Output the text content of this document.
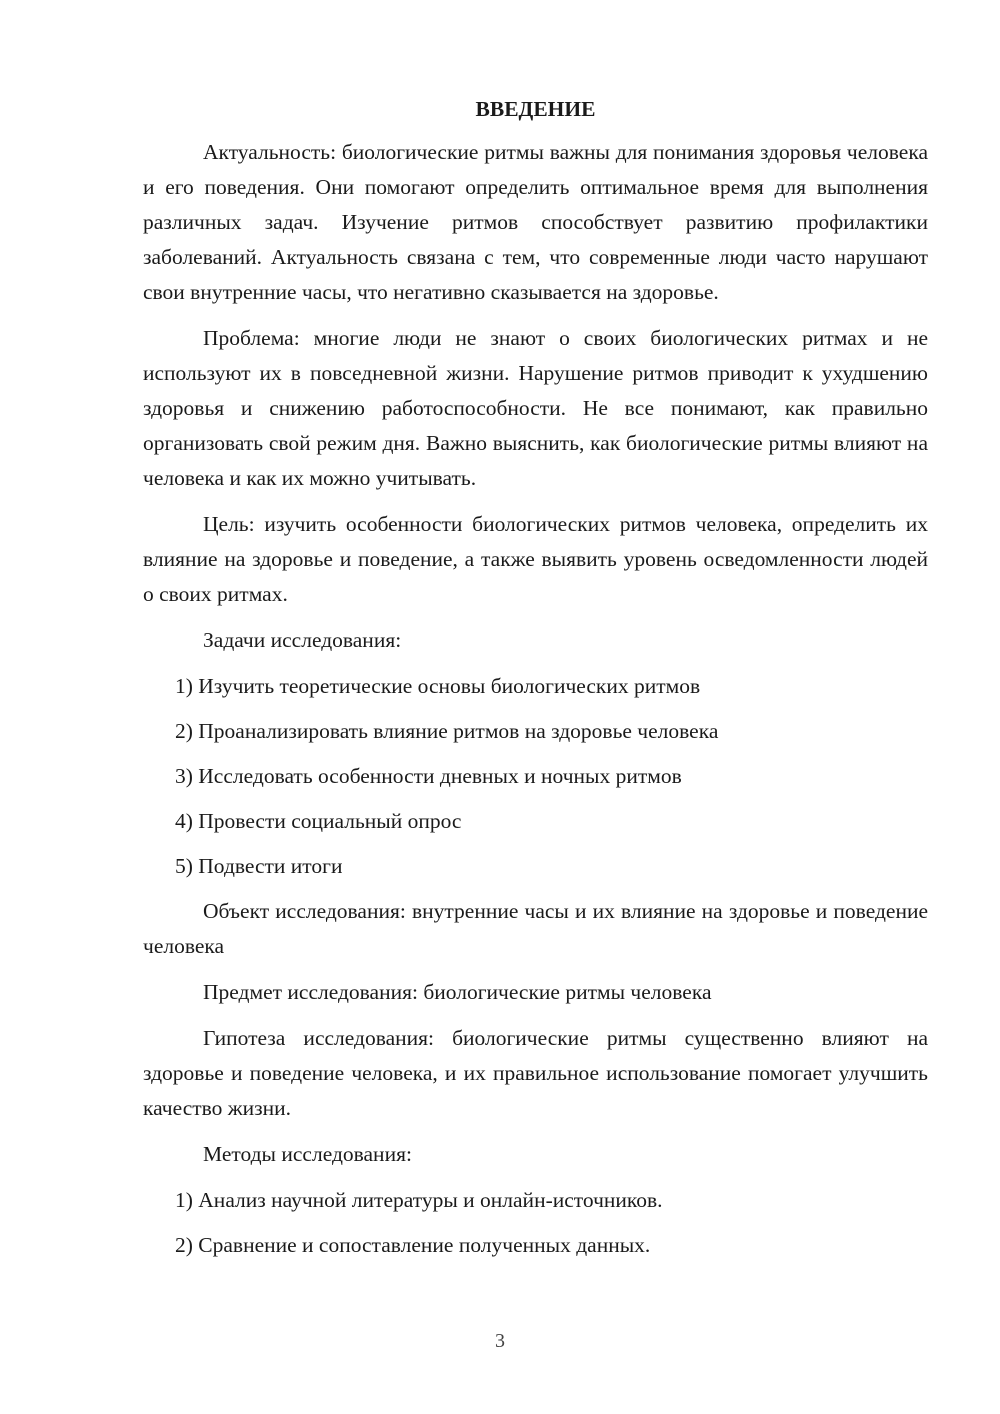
ВВЕДЕНИЕ

Актуальность: биологические ритмы важны для понимания здоровья человека и его поведения. Они помогают определить оптимальное время для выполнения различных задач. Изучение ритмов способствует развитию профилактики заболеваний. Актуальность связана с тем, что современные люди часто нарушают свои внутренние часы, что негативно сказывается на здоровье.

Проблема: многие люди не знают о своих биологических ритмах и не используют их в повседневной жизни. Нарушение ритмов приводит к ухудшению здоровья и снижению работоспособности. Не все понимают, как правильно организовать свой режим дня. Важно выяснить, как биологические ритмы влияют на человека и как их можно учитывать.

Цель: изучить особенности биологических ритмов человека, определить их влияние на здоровье и поведение, а также выявить уровень осведомленности людей о своих ритмах.

Задачи исследования:

1) Изучить теоретические основы биологических ритмов
2) Проанализировать влияние ритмов на здоровье человека
3) Исследовать особенности дневных и ночных ритмов
4) Провести социальный опрос
5) Подвести итоги

Объект исследования: внутренние часы и их влияние на здоровье и поведение человека

Предмет исследования: биологические ритмы человека

Гипотеза исследования: биологические ритмы существенно влияют на здоровье и поведение человека, и их правильное использование помогает улучшить качество жизни.

Методы исследования:

1) Анализ научной литературы и онлайн-источников.
2) Сравнение и сопоставление полученных данных.
3
